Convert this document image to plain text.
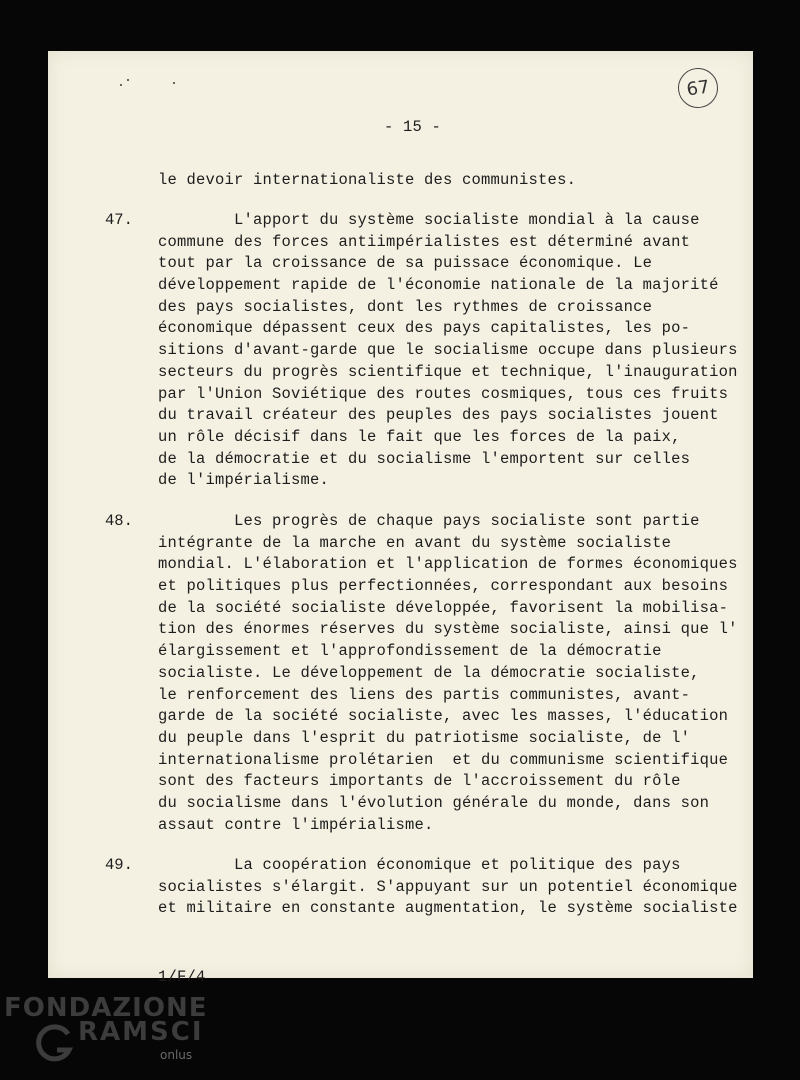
67
- 15 -
le devoir internationaliste des communistes.
47. L'apport du système socialiste mondial à la cause
commune des forces antiimpérialistes est déterminé avant
tout par la croissance de sa puissace économique. Le
développement rapide de l'économie nationale de la majorité
des pays socialistes, dont les rythmes de croissance
économique dépassent ceux des pays capitalistes, les po-
sitions d'avant-garde que le socialisme occupe dans plusieurs
secteurs du progrès scientifique et technique, l'inauguration
par l'Union Soviétique des routes cosmiques, tous ces fruits
du travail créateur des peuples des pays socialistes jouent
un rôle décisif dans le fait que les forces de la paix,
de la démocratie et du socialisme l'emportent sur celles
de l'impérialisme.
48. Les progrès de chaque pays socialiste sont partie
intégrante de la marche en avant du système socialiste
mondial. L'élaboration et l'application de formes économiques
et politiques plus perfectionnées, correspondant aux besoins
de la société socialiste développée, favorisent la mobilisa-
tion des énormes réserves du système socialiste, ainsi que l'
élargissement et l'approfondissement de la démocratie
socialiste. Le développement de la démocratie socialiste,
le renforcement des liens des partis communistes, avant-
garde de la société socialiste, avec les masses, l'éducation
du peuple dans l'esprit du patriotisme socialiste, de l'
internationalisme prolétarien  et du communisme scientifique
sont des facteurs importants de l'accroissement du rôle
du socialisme dans l'évolution générale du monde, dans son
assaut contre l'impérialisme.
49. La coopération économique et politique des pays
socialistes s'élargit. S'appuyant sur un potentiel économique
et militaire en constante augmentation, le système socialiste
1/F/4
FONDAZIONE
RAMSCI
onlus
